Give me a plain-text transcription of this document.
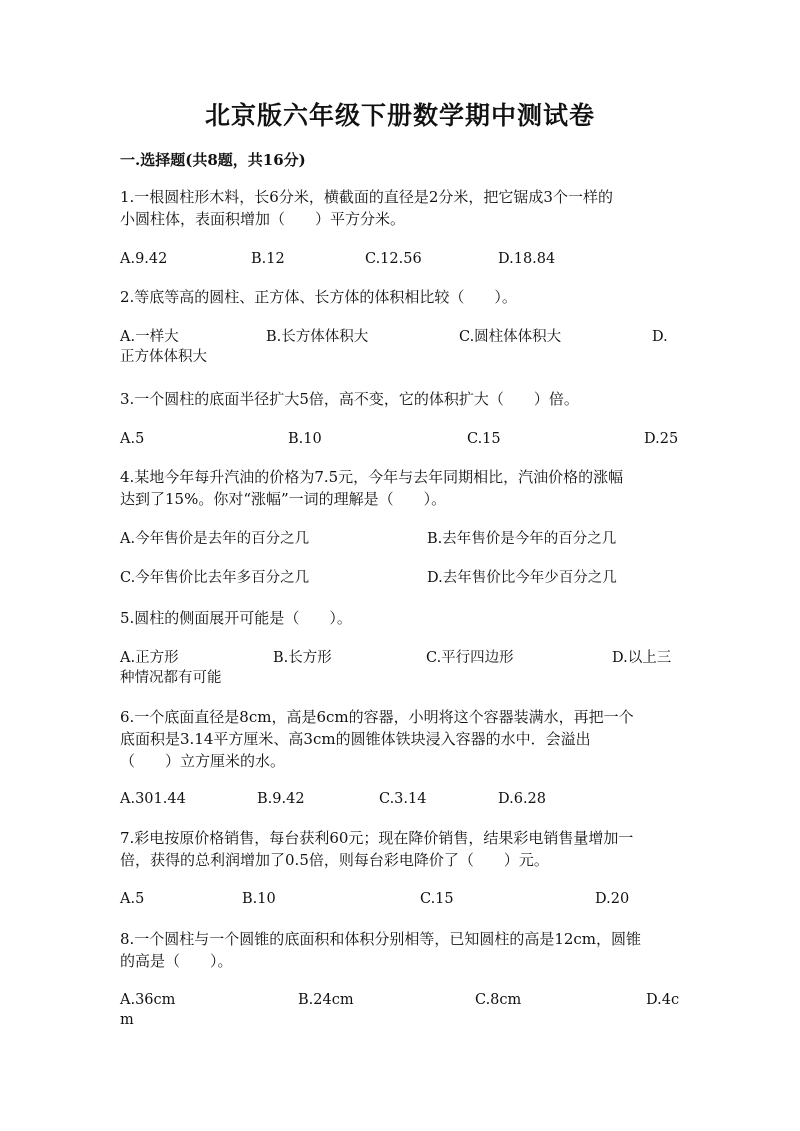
北京版六年级下册数学期中测试卷
一.选择题(共8题，共16分)
1.一根圆柱形木料，长6分米，横截面的直径是2分米，把它锯成3个一样的
小圆柱体，表面积增加（　　）平方分米。
A.9.42	B.12	C.12.56	D.18.84
2.等底等高的圆柱、正方体、长方体的体积相比较（　　）。
A.一样大	B.长方体体积大	C.圆柱体体积大	D.
正方体体积大
3.一个圆柱的底面半径扩大5倍，高不变，它的体积扩大（　　）倍。
A.5	B.10	C.15	D.25
4.某地今年每升汽油的价格为7.5元，今年与去年同期相比，汽油价格的涨幅
达到了15%。你对“涨幅”一词的理解是（　　）。
A.今年售价是去年的百分之几	B.去年售价是今年的百分之几
C.今年售价比去年多百分之几	D.去年售价比今年少百分之几
5.圆柱的侧面展开可能是（　　）。
A.正方形	B.长方形	C.平行四边形	D.以上三
种情况都有可能
6.一个底面直径是8cm，高是6cm的容器，小明将这个容器装满水，再把一个
底面积是3.14平方厘米、高3cm的圆锥体铁块浸入容器的水中．会溢出
（　　）立方厘米的水。
A.301.44	B.9.42	C.3.14	D.6.28
7.彩电按原价格销售，每台获利60元；现在降价销售，结果彩电销售量增加一
倍，获得的总利润增加了0.5倍，则每台彩电降价了（　　）元。
A.5	B.10	C.15	D.20
8.一个圆柱与一个圆锥的底面积和体积分别相等，已知圆柱的高是12cm，圆锥
的高是（　　）。
A.36cm	B.24cm	C.8cm	D.4c
m
